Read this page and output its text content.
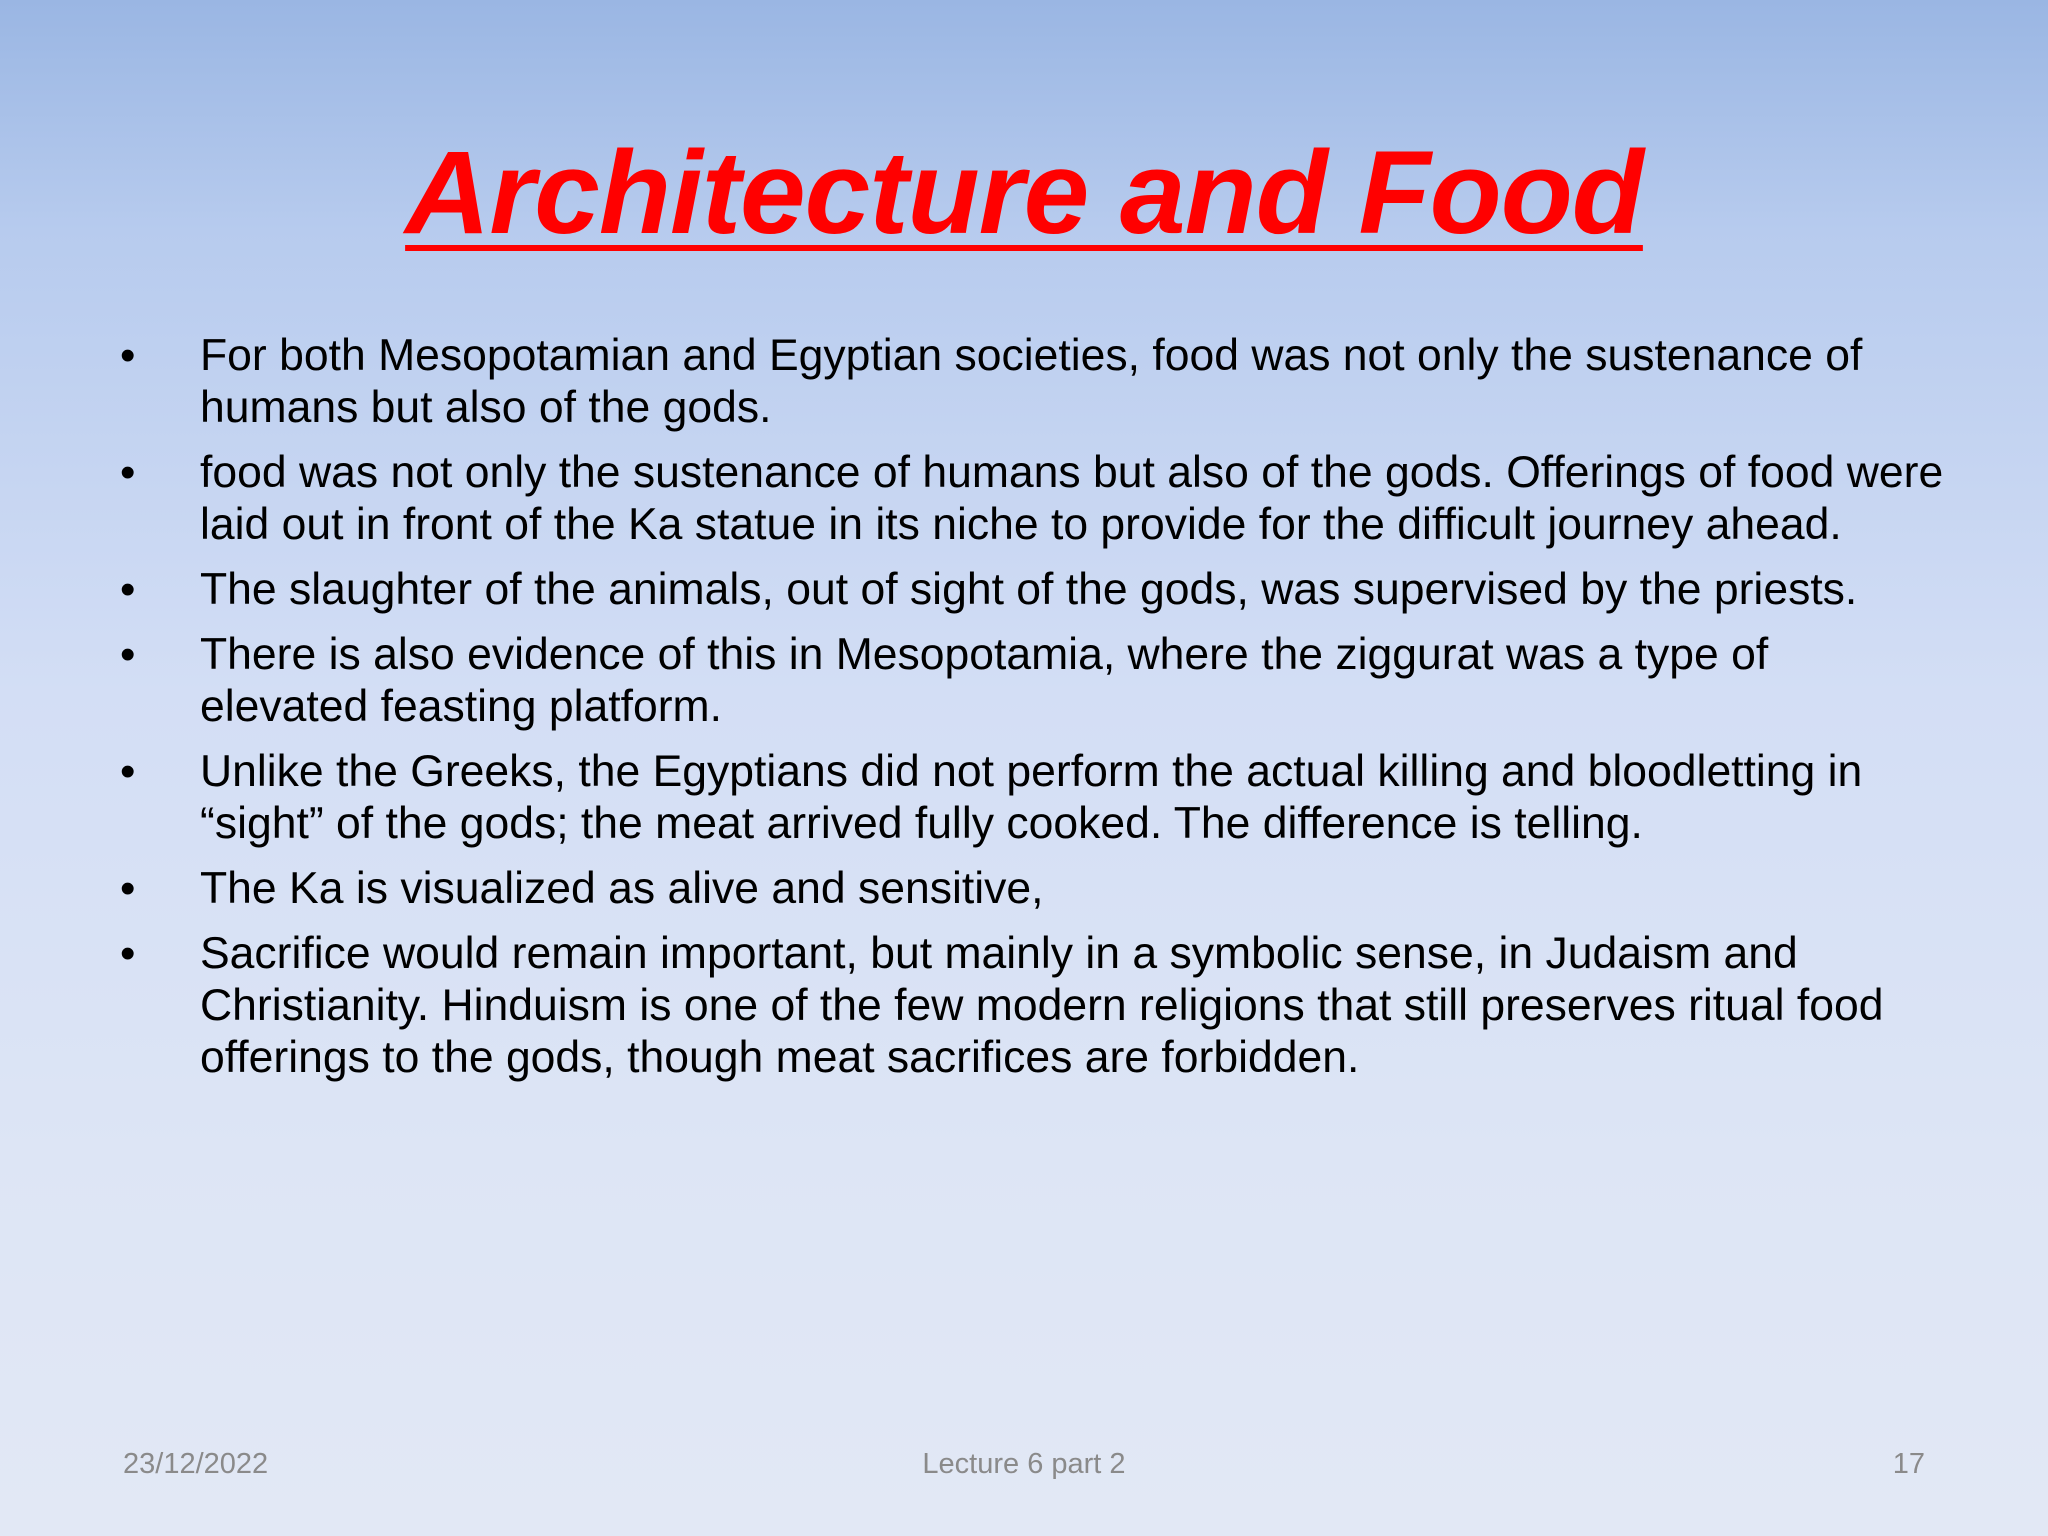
Architecture and Food
• For both Mesopotamian and Egyptian societies, food was not only the sustenance of humans but also of the gods.
• food was not only the sustenance of humans but also of the gods. Offerings of food were laid out in front of the Ka statue in its niche to provide for the difficult journey ahead.
• The slaughter of the animals, out of sight of the gods, was supervised by the priests.
• There is also evidence of this in Mesopotamia, where the ziggurat was a type of elevated feasting platform.
• Unlike the Greeks, the Egyptians did not perform the actual killing and bloodletting in “sight” of the gods; the meat arrived fully cooked. The difference is telling.
• The Ka is visualized as alive and sensitive,
• Sacrifice would remain important, but mainly in a symbolic sense, in Judaism and Christianity. Hinduism is one of the few modern religions that still preserves ritual food offerings to the gods, though meat sacrifices are forbidden.
23/12/2022	Lecture 6 part 2	17
